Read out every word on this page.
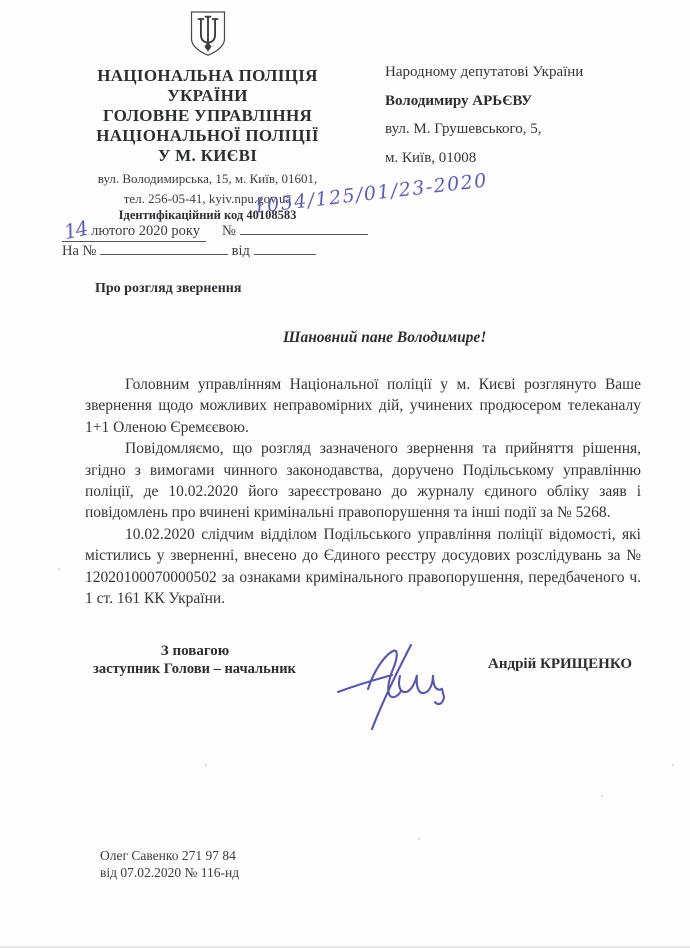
НАЦІОНАЛЬНА ПОЛІЦІЯ
УКРАЇНИ
ГОЛОВНЕ УПРАВЛІННЯ
НАЦІОНАЛЬНОЇ ПОЛІЦІЇ
У М. КИЄВІ
вул. Володимирська, 15, м. Київ, 01601,
тел. 256-05-41, kyiv.npu.gov.ua
Ідентифікаційний код 40108583
14 лютого 2020 року №
1054/125/01/23-2020
На №	від
Народному депутатові України
Володимиру АРЬЄВУ
вул. М. Грушевського, 5,
м. Київ, 01008
Про розгляд звернення
Шановний пане Володимире!

Головним управлінням Національної поліції у м. Києві розглянуто Ваше звернення щодо можливих неправомірних дій, учинених продюсером телеканалу 1+1 Оленою Єремєєвою.

Повідомляємо, що розгляд зазначеного звернення та прийняття рішення, згідно з вимогами чинного законодавства, доручено Подільському управлінню поліції, де 10.02.2020 його зареєстровано до журналу єдиного обліку заяв і повідомлень про вчинені кримінальні правопорушення та інші події за № 5268.

10.02.2020 слідчим відділом Подільського управління поліції відомості, які містились у зверненні, внесено до Єдиного реєстру досудових розслідувань за № 12020100070000502 за ознаками кримінального правопорушення, передбаченого ч. 1 ст. 161 КК України.

З повагою
заступник Голови – начальник	Андрій КРИЩЕНКО
Олег Савенко 271 97 84
від 07.02.2020 № 116-нд
